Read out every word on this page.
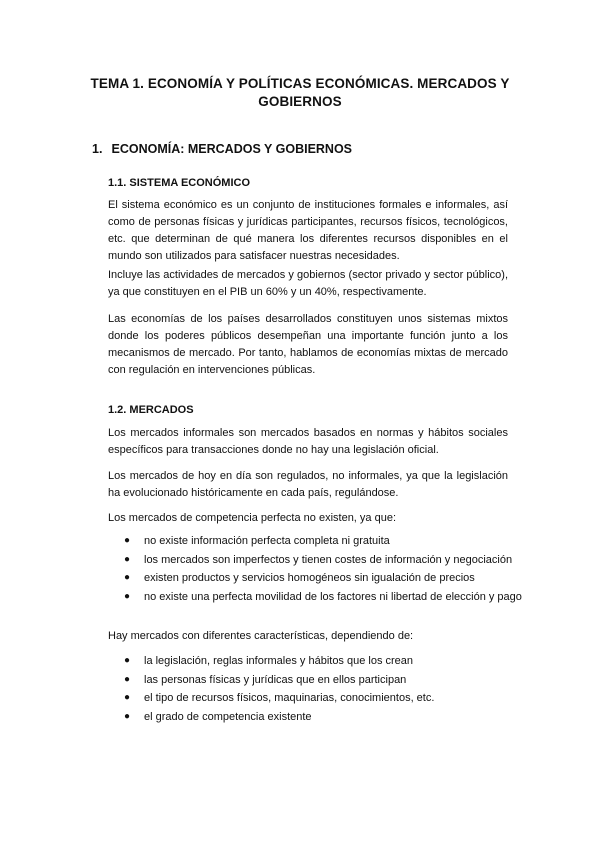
TEMA 1. ECONOMÍA Y POLÍTICAS ECONÓMICAS. MERCADOS Y
GOBIERNOS
1. ECONOMÍA: MERCADOS Y GOBIERNOS
1.1. SISTEMA ECONÓMICO

El sistema económico es un conjunto de instituciones formales e informales, así como de personas físicas y jurídicas participantes, recursos físicos, tecnológicos, etc. que determinan de qué manera los diferentes recursos disponibles en el mundo son utilizados para satisfacer nuestras necesidades.

Incluye las actividades de mercados y gobiernos (sector privado y sector público), ya que constituyen en el PIB un 60% y un 40%, respectivamente.

Las economías de los países desarrollados constituyen unos sistemas mixtos donde los poderes públicos desempeñan una importante función junto a los mecanismos de mercado. Por tanto, hablamos de economías mixtas de mercado con regulación en intervenciones públicas.

1.2. MERCADOS

Los mercados informales son mercados basados en normas y hábitos sociales específicos para transacciones donde no hay una legislación oficial.

Los mercados de hoy en día son regulados, no informales, ya que la legislación ha evolucionado históricamente en cada país, regulándose.

Los mercados de competencia perfecta no existen, ya que:

● no existe información perfecta completa ni gratuita
● los mercados son imperfectos y tienen costes de información y negociación
● existen productos y servicios homogéneos sin igualación de precios
● no existe una perfecta movilidad de los factores ni libertad de elección y pago

Hay mercados con diferentes características, dependiendo de:

● la legislación, reglas informales y hábitos que los crean
● las personas físicas y jurídicas que en ellos participan
● el tipo de recursos físicos, maquinarias, conocimientos, etc.
● el grado de competencia existente
